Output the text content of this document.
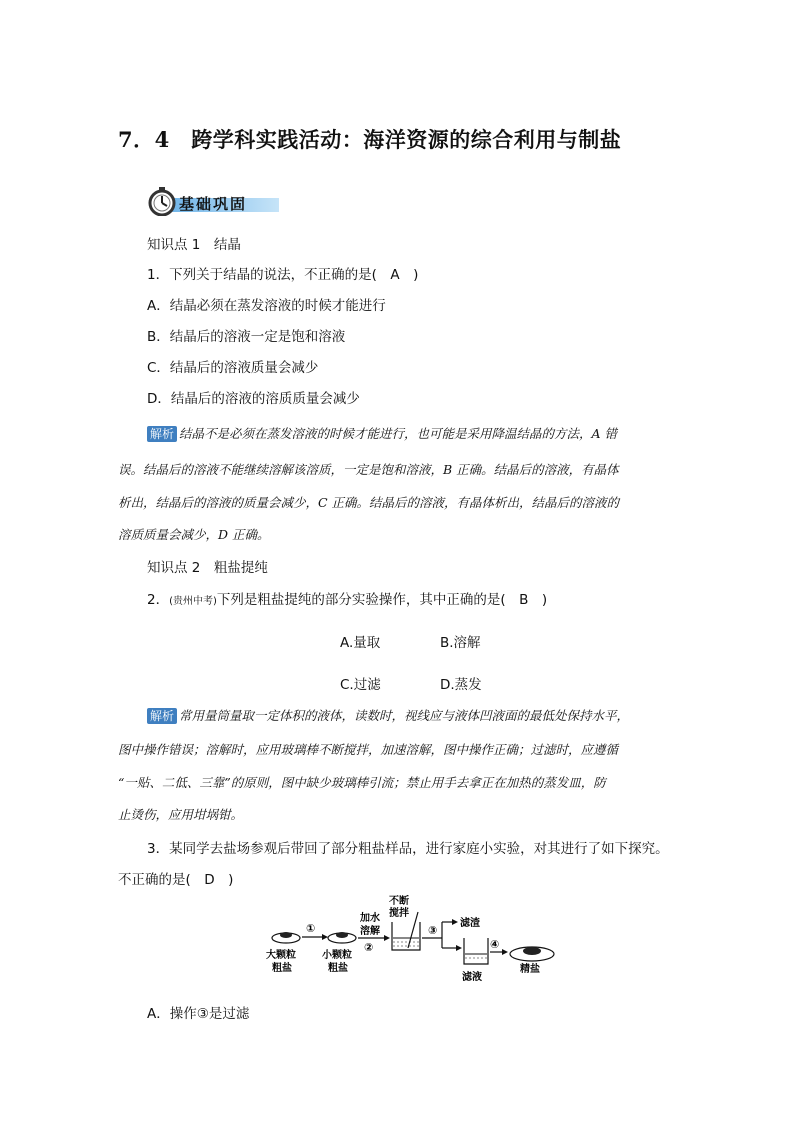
7．4　跨学科实践活动：海洋资源的综合利用与制盐
基础巩固
知识点 1　结晶
1．下列关于结晶的说法，不正确的是(　A　)
A．结晶必须在蒸发溶液的时候才能进行
B．结晶后的溶液一定是饱和溶液
C．结晶后的溶液质量会减少
D．结晶后的溶液的溶质质量会减少
解析 结晶不是必须在蒸发溶液的时候才能进行，也可能是采用降温结晶的方法，A 错
误。结晶后的溶液不能继续溶解该溶质，一定是饱和溶液，B 正确。结晶后的溶液，有晶体
析出，结晶后的溶液的质量会减少，C 正确。结晶后的溶液，有晶体析出，结晶后的溶液的
溶质质量会减少，D 正确。
知识点 2　粗盐提纯
2．(贵州中考)下列是粗盐提纯的部分实验操作，其中正确的是(　B　)
A.量取	B.溶解
C.过滤	D.蒸发
解析 常用量筒量取一定体积的液体，读数时，视线应与液体凹液面的最低处保持水平，
图中操作错误；溶解时，应用玻璃棒不断搅拌，加速溶解，图中操作正确；过滤时，应遵循
“一贴、二低、三靠”的原则，图中缺少玻璃棒引流；禁止用手去拿正在加热的蒸发皿，防
止烫伤，应用坩埚钳。
3．某同学去盐场参观后带回了部分粗盐样品，进行家庭小实验，对其进行了如下探究。
不正确的是(　D　)
大颗粒
粗盐
①
小颗粒
粗盐
加水
溶解
②
不断
搅拌
③
滤渣
滤液
④
精盐
A．操作③是过滤
